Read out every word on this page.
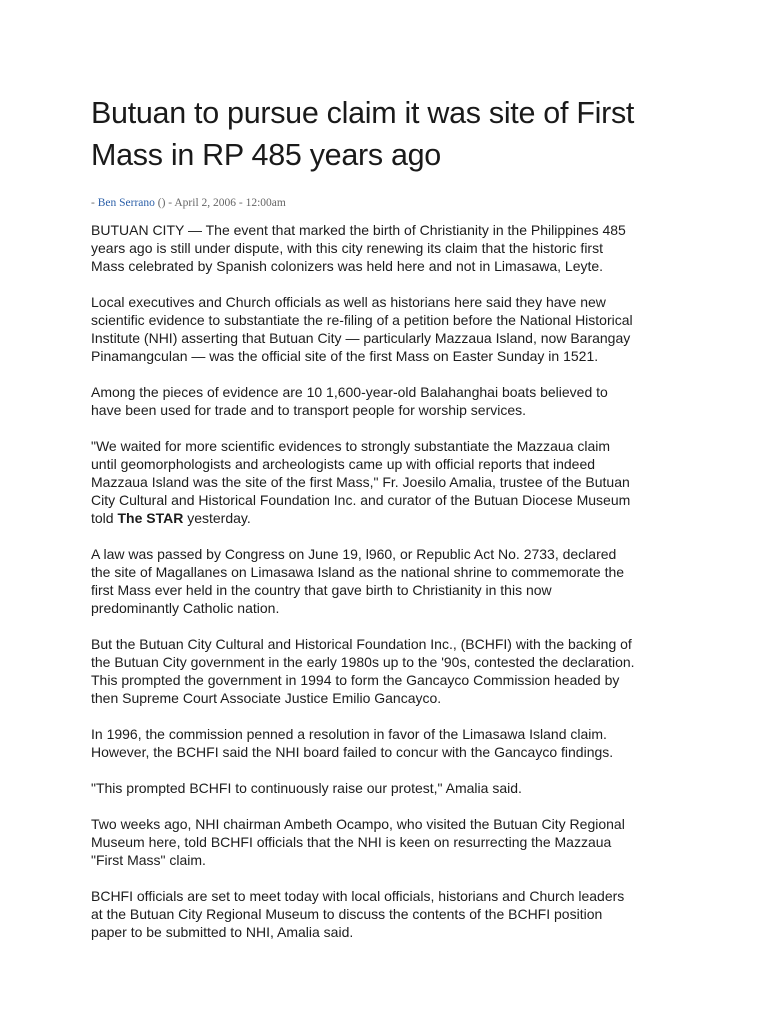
Butuan to pursue claim it was site of First Mass in RP 485 years ago
- Ben Serrano () - April 2, 2006 - 12:00am

BUTUAN CITY — The event that marked the birth of Christianity in the Philippines 485
years ago is still under dispute, with this city renewing its claim that the historic first
Mass celebrated by Spanish colonizers was held here and not in Limasawa, Leyte.

Local executives and Church officials as well as historians here said they have new
scientific evidence to substantiate the re-filing of a petition before the National Historical
Institute (NHI) asserting that Butuan City — particularly Mazzaua Island, now Barangay
Pinamangculan — was the official site of the first Mass on Easter Sunday in 1521.

Among the pieces of evidence are 10 1,600-year-old Balahanghai boats believed to
have been used for trade and to transport people for worship services.

"We waited for more scientific evidences to strongly substantiate the Mazzaua claim
until geomorphologists and archeologists came up with official reports that indeed
Mazzaua Island was the site of the first Mass," Fr. Joesilo Amalia, trustee of the Butuan
City Cultural and Historical Foundation Inc. and curator of the Butuan Diocese Museum
told The STAR yesterday.

A law was passed by Congress on June 19, l960, or Republic Act No. 2733, declared
the site of Magallanes on Limasawa Island as the national shrine to commemorate the
first Mass ever held in the country that gave birth to Christianity in this now
predominantly Catholic nation.

But the Butuan City Cultural and Historical Foundation Inc., (BCHFI) with the backing of
the Butuan City government in the early 1980s up to the '90s, contested the declaration.
This prompted the government in 1994 to form the Gancayco Commission headed by
then Supreme Court Associate Justice Emilio Gancayco.

In 1996, the commission penned a resolution in favor of the Limasawa Island claim.
However, the BCHFI said the NHI board failed to concur with the Gancayco findings.

"This prompted BCHFI to continuously raise our protest," Amalia said.

Two weeks ago, NHI chairman Ambeth Ocampo, who visited the Butuan City Regional
Museum here, told BCHFI officials that the NHI is keen on resurrecting the Mazzaua
"First Mass" claim.

BCHFI officials are set to meet today with local officials, historians and Church leaders
at the Butuan City Regional Museum to discuss the contents of the BCHFI position
paper to be submitted to NHI, Amalia said.
